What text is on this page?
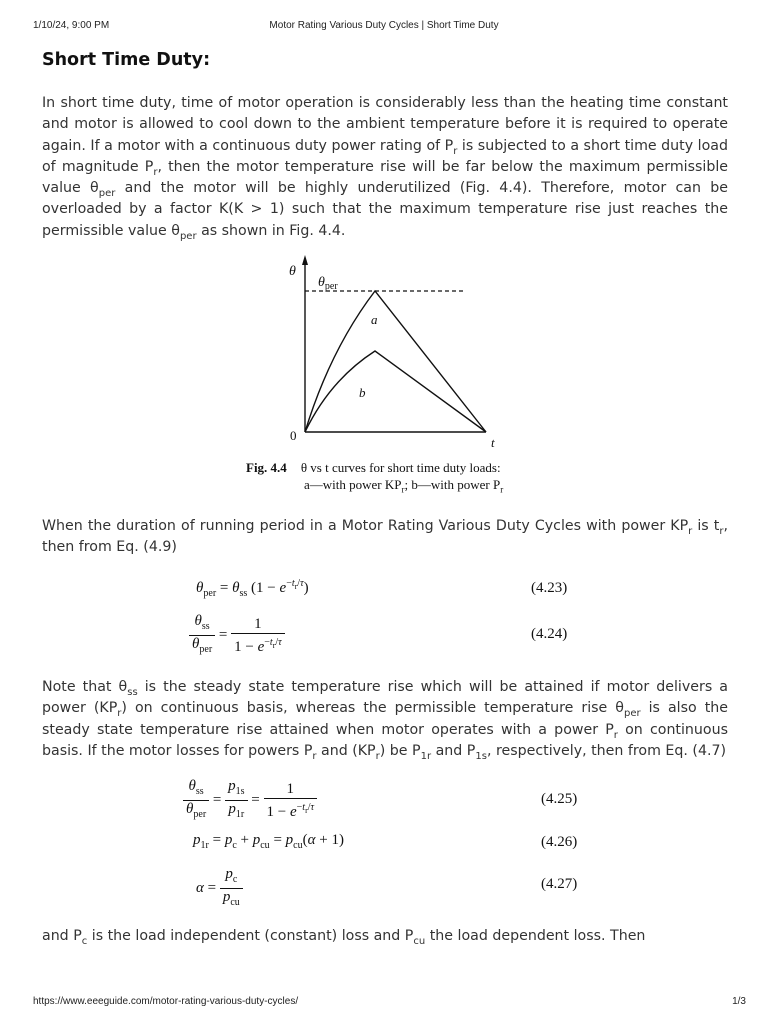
1/10/24, 9:00 PM	Motor Rating Various Duty Cycles | Short Time Duty
Short Time Duty:

In short time duty, time of motor operation is considerably less than the heating time constant and motor is allowed to cool down to the ambient temperature before it is required to operate again. If a motor with a continuous duty power rating of $P_r$ is subjected to a short time duty load of magnitude $P_r$, then the motor temperature rise will be far below the maximum permissible value $\theta_{per}$ and the motor will be highly underutilized (Fig. 4.4). Therefore, motor can be overloaded by a factor K(K > 1) such that the maximum temperature rise just reaches the permissible value $\theta_{per}$ as shown in Fig. 4.4.

θ
$\theta_{per}$
a
b
0	t
Fig. 4.4 θ vs t curves for short time duty loads:
a—with power $KP_r$; b—with power $P_r$

When the duration of running period in a Motor Rating Various Duty Cycles with power $KP_r$ is $t_r$, then from Eq. (4.9)

$\theta_{per} = \theta_{ss}$ $(1 - e^{-t_r/\tau})$	(4.23)
$\frac{\theta_{ss}}{\theta_{per}} = \frac{1}{1 - e^{-t_r/\tau}}$	(4.24)

Note that $\theta_{ss}$ is the steady state temperature rise which will be attained if motor delivers a power $(KP_r)$ on continuous basis, whereas the permissible temperature rise $\theta_{per}$ is also the steady state temperature rise attained when motor operates with a power $P_r$ on continuous basis. If the motor losses for powers $P_r$ and $(KP_r)$ be $P_{1r}$ and $P_{1s}$, respectively, then from Eq. (4.7)

$\frac{\theta_{ss}}{\theta_{per}} = \frac{p_{1s}}{p_{1r}} = \frac{1}{1 - e^{-t_r/\tau}}$	(4.25)
$p_{1r} = p_c + p_{cu} = p_{cu}(\alpha + 1)$	(4.26)
$\alpha = \frac{p_c}{p_{cu}}$	(4.27)

and $P_c$ is the load independent (constant) loss and $P_{cu}$ the load dependent loss. Then

https://www.eeeguide.com/motor-rating-various-duty-cycles/	1/3
